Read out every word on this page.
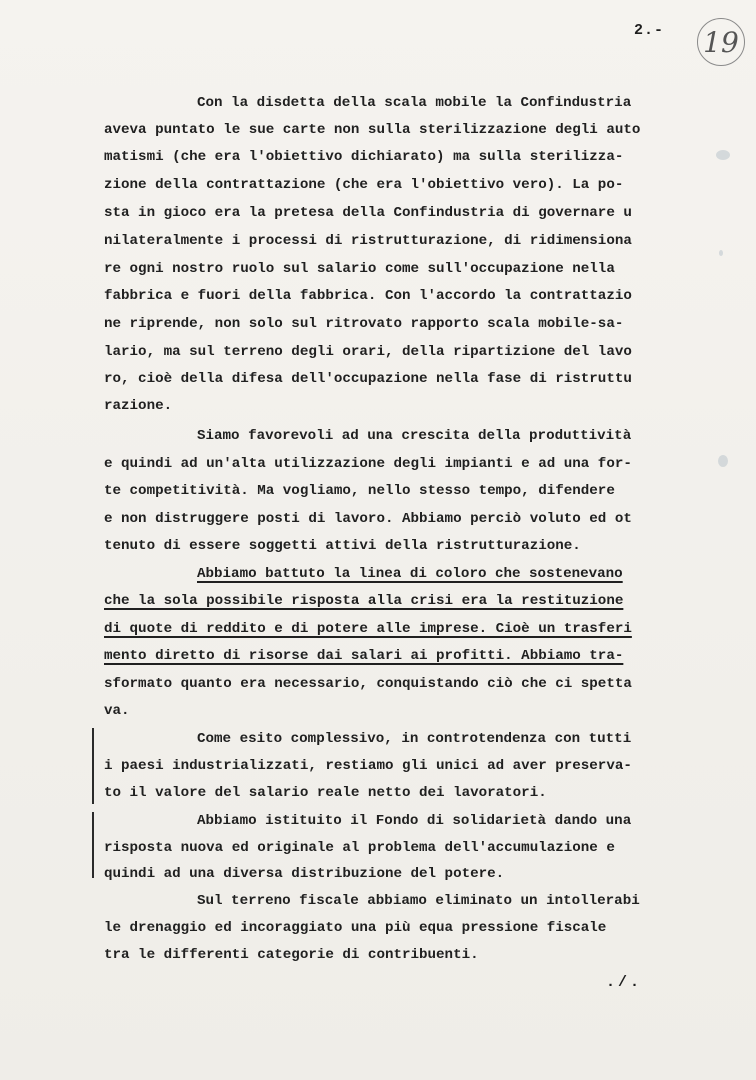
2.- 19
Con la disdetta della scala mobile la Confindustria
aveva puntato le sue carte non sulla sterilizzazione degli auto
matismi (che era l'obiettivo dichiarato) ma sulla sterilizza-
zione della contrattazione (che era l'obiettivo vero). La po-
sta in gioco era la pretesa della Confindustria di governare u
nilateralmente i processi di ristrutturazione, di ridimensiona
re ogni nostro ruolo sul salario come sull'occupazione nella
fabbrica e fuori della fabbrica. Con l'accordo la contrattazio
ne riprende, non solo sul ritrovato rapporto scala mobile-sa-
lario, ma sul terreno degli orari, della ripartizione del lavo
ro, cioè della difesa dell'occupazione nella fase di ristruttu
razione.
Siamo favorevoli ad una crescita della produttività
e quindi ad un'alta utilizzazione degli impianti e ad una for-
te competitività. Ma vogliamo, nello stesso tempo, difendere
e non distruggere posti di lavoro. Abbiamo perciò voluto ed ot
tenuto di essere soggetti attivi della ristrutturazione.
Abbiamo battuto la linea di coloro che sostenevano
che la sola possibile risposta alla crisi era la restituzione
di quote di reddito e di potere alle imprese. Cioè un trasferi
mento diretto di risorse dai salari ai profitti. Abbiamo tra-
sformato quanto era necessario, conquistando ciò che ci spetta
va.
Come esito complessivo, in controtendenza con tutti
i paesi industrializzati, restiamo gli unici ad aver preserva-
to il valore del salario reale netto dei lavoratori.
Abbiamo istituito il Fondo di solidarietà dando una
risposta nuova ed originale al problema dell'accumulazione e
quindi ad una diversa distribuzione del potere.
Sul terreno fiscale abbiamo eliminato un intollerabi
le drenaggio ed incoraggiato una più equa pressione fiscale
tra le differenti categorie di contribuenti.
./.
